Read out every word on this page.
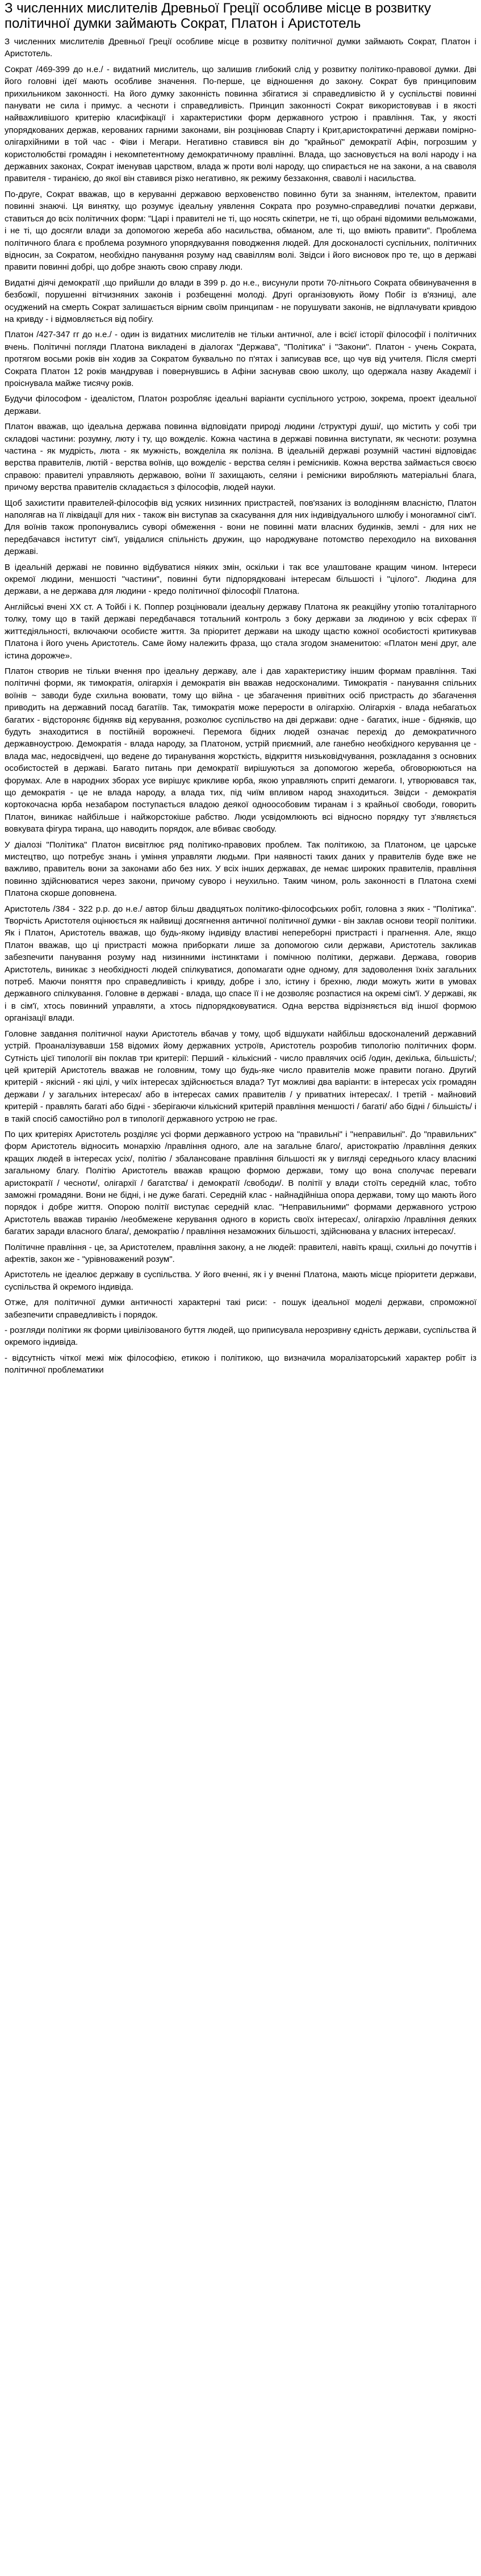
З численних мислителів Древньої Греції особливе місце в розвитку політичної думки займають Сократ, Платон і Аристотель

З численних мислителів Древньої Греції особливе місце в розвитку політичної думки займають Сократ, Платон і Аристотель.

Сократ /469-399 до н.е./ - видатний мислитель, що залишив глибокий слід у розвитку політико-правової думки. Дві його головні ідеї мають особливе значення. По-перше, це відношення до закону. Сократ був принциповим прихильником законності. На його думку законність повинна збігатися зі справедливістю й у суспільстві повинні панувати не сила і примус. а чесноти і справедливість. Принцип законності Сократ використовував і в якості найважливішого критерію класифікації і характеристики форм державного устрою і правління. Так, у якості упорядкованих держав, керованих гарними законами, він розцінював Спарту і Крит,аристократичні держави помірно-олігархійними в той час - Фіви і Мегари. Негативно ставився він до "крайньої" демократії Афін, погрозшим у користолюбстві громадян і некомпетентному демократичному правлінні. Влада, що засновується на волі народу і на державних законах, Сократ іменував царством, влада ж проти волі народу, що спирається не на закони, а на сваволя правителя - тиранією, до якої він ставився різко негативно, як режиму беззаконня, сваволі і насильства.

По-друге, Сократ вважав, що в керуванні державою верховенство повинно бути за знанням, інтелектом, правити повинні знаючі. Ця винятку, що розумує ідеальну уявлення Сократа про розумно-справедливі початки держави, ставиться до всіх політичних форм: "Царі і правителі не ті, що носять скіпетри, не ті, що обрані відомими вельможами, і не ті, що досягли влади за допомогою жереба або насильства, обманом, але ті, що вміють правити". Проблема політичного блага є проблема розумного упорядкування поводження людей. Для досконалості суспільних, політичних відносин, за Сократом, необхідно панування розуму над свавіллям волі. Звідси і його висновок про те, що в державі правити повинні добрі, що добре знають свою справу люди.

Видатні діячі демократії ,що прийшли до влади в 399 р. до н.е., висунули проти 70-літнього Сократа обвинувачення в безбожії, порушенні вітчизняних законів і розбещенні молоді. Другі організовують йому Побіг із в'язниці, але осуджений на смерть Сократ залишається вірним своїм принципам - не порушувати законів, не відплачувати кривдою на кривду - і відмовляється від побігу.

Платон /427-347 гг до н.е./ - один із видатних мислителів не тільки античної, але і всієї історії філософії і політичних вчень. Політичні погляди Платона викладені в діалогах "Держава", "Політика" і "Закони". Платон - учень Сократа, протягом восьми років він ходив за Сократом буквально по п'ятах і записував все, що чув від учителя. Після смерті Сократа Платон 12 років мандрував і повернувшись в Афіни заснував свою школу, що одержала назву Академії і проіснувала майже тисячу років.

Будучи філософом - ідеалістом, Платон розробляє ідеальні варіанти суспільного устрою, зокрема, проект ідеальної держави.

Платон вважав, що ідеальна держава повинна відповідати природі людини /структурі душі/, що містить у собі три складові частини: розумну, люту і ту, що вожделіє. Кожна частина в державі повинна виступати, як чесноти: розумна частина - як мудрість, люта - як мужність, вожделіла як полізна. В ідеальній державі розумній частині відповідає верства правителів, лютій - верства воїнів, що вожделіє - верства селян і ремісників. Кожна верства займається своєю справою: правителі управляють державою, воїни її захищають, селяни і ремісники виробляють матеріальні блага, причому верства правителів складається з філософів, людей науки.

Щоб захистити правителей-філософів від усяких низинних пристрастей, пов'язаних із володінням власністю, Платон наполягав на її ліквідації для них - також він виступав за скасування для них індивідуального шлюбу і моногамної сім'ї. Для воїнів також пропонувались суворі обмеження - вони не повинні мати власних будинків, землі - для них не передбачався інститут сім'ї, увідалися спільність дружин, що народжуване потомство переходило на виховання державі.

В ідеальній державі не повинно відбуватися ніяких змін, оскільки і так все улаштоване кращим чином. Інтереси окремої людини, меншості "частини", повинні бути підпорядковані інтересам більшості і "цілого". Людина для держави, а не держава для людини - кредо політичної філософії Платона.

Англійські вчені XX ст. А Тойбі і К. Поппер розцінювали ідеальну державу Платона як реакційну утопію тоталітарного толку, тому що в такій державі передбачався тотальний контроль з боку держави за людиною у всіх сферах її життєдіяльності, включаючи особисте життя. За пріоритет держави на шкоду щастю кожної особистості критикував Платона і його учень Аристотель. Саме йому належить фраза, що стала згодом знаменитою: «Платон мені друг, але істина дорожче».

Платон створив не тільки вчення про ідеальну державу, але і дав характеристику іншим формам правління. Такі політичні форми, як тимократія, олігархія і демократія він вважав недосконалими. Тимократія - панування спільних воїнів ~ заводи буде схильна воювати, тому що війна - це збагачення привітних осіб пристрасть до збагачення приводить на державний посад багатіїв. Так, тимократія може перерости в олігархію. Олігархія - влада небагатьох багатих - відстороняє біднякв від керування, розколює суспільство на дві держави: одне - багатих, інше - бідняків, що будуть знаходитися в постійній ворожнечі. Перемога бідних людей означає перехід до демократичного державноустрою. Демократія - влада народу, за Платоном, устрій приємний, але ганебно необхідного керування це - влада мас, недосвідчені, що ведене до тиранування жорсткість, відкриття низьковідчування, розкладання з основних особистостей в державі. Багато питань при демократії вирішуються за допомогою жереба, обговорюються на форумах. Але в народних зборах усе вирішує крикливе юрба, якою управляють сприті демагоги. І, утворювався так, що демократія - це не влада народу, а влада тих, під чиїм впливом народ знаходиться. Звідси - демократія кортокочасна юрба незабаром поступається владою деякої одноособовим тиранам і з крайньої свободи, говорить Платон, виникає найбільше і найжорстокіше рабство. Люди усвідомлюють всі відносно порядку тут з'являється вовкувата фігура тирана, що наводить порядок, але вбиває свободу.

У діалозі "Політика" Платон висвітлює ряд політико-правових проблем. Так політикою, за Платоном, це царське мистецтво, що потребує знань і уміння управляти людьми. При наявності таких даних у правителів буде вже не важливо, правитель вони за законами або без них. У всіх інших державах, де немає широких правителів, правління повинно здійснюватися через закони, причому суворо і неухильно. Таким чином, роль законності в Платона схемі Платона скорше доповнена.

Аристотель /384 - 322 р.р. до н.е./ автор більш двадцятьох політико-філософських робіт, головна з яких - "Політика". Творчість Аристотеля оцінюється як найвищі досягнення античної політичної думки - він заклав основи теорії політики. Як і Платон, Аристотель вважав, що будь-якому індивіду властиві непереборні пристрасті і прагнення. Але, якщо Платон вважав, що ці пристрасті можна приборкати лише за допомогою сили держави, Аристотель закликав забезпечити панування розуму над низинними інстинктами і помічною політики, держави. Держава, говорив Аристотель, виникає з необхідності людей спілкуватися, допомагати одне одному, для задоволення їхніх загальних потреб. Маючи поняття про справедливість і кривду, добре і зло, істину і брехню, люди можуть жити в умовах державного спілкування. Головне в державі - влада, що спасе її і не дозволяє розпастися на окремі сім'ї. У державі, як і в сім'ї, хтось повинний управляти, а хтось підпорядковуватися. Одна верства відрізняється від іншої формою організації влади.

Головне завдання політичної науки Аристотель вбачав у тому, щоб відшукати найбільш вдосконалений державний устрій. Проаналізувавши 158 відомих йому державних устроїв, Аристотель розробив типологію політичних форм. Сутність цієї типології він поклав три критерії: Перший - кількісний - число правлячих осіб /один, декілька, більшість/; цей критерій Аристотель вважав не головним, тому що будь-яке число правителів може правити погано. Другий критерій - якісний - які цілі, у чиїх інтересах здійснюється влада? Тут можливі два варіанти: в інтересах усіх громадян держави / у загальних інтересах/ або в інтересах самих правителів / у приватних інтересах/. І третій - майновий критерій - правлять багаті або бідні - зберігаючи кількісний критерій правління меншості / багаті/ або бідні / більшість/ і в такій спосіб самостійно рол в типології державного устрою не грає.

По цих критеріях Аристотель розділяє усі форми державного устрою на "правильні" і "неправильні". До "правильних" форм Аристотель відносить монархію /правління одного, але на загальне благо/, аристократію /правління деяких кращих людей в інтересах усіх/, політію / збалансоване правління більшості як у вигляді середнього класу власникі загальному благу. Політію Аристотель вважав кращою формою держави, тому що вона сполучає переваги аристократії / чесноти/, олігархії / багатства/ і демократії /свободи/. В політії у влади стоїть середній клас, тобто заможні громадяни. Вони не бідні, і не дуже багаті. Середній клас - найнадійніша опора держави, тому що мають його порядок і добре життя. Опорою політії виступає середній клас. "Неправильними" формами державного устрою Аристотель вважав тиранію /необмежене керування одного в користь своїх інтересах/, олігархію /правління деяких багатих заради власного блага/, демократію / правління незаможних більшості, здійснювана у власних інтересах/.

Політичне правління - це, за Аристотелем, правління закону, а не людей: правителі, навіть кращі, схильні до почуттів і афектів, закон же - "урівноважений розум".

Аристотель не ідеалює державу в суспільства. У його вченні, як і у вченні Платона, мають місце пріоритети держави, суспільства й окремого індивіда.

Отже, для політичної думки античності характерні такі риси: - пошук ідеальної моделі держави, спроможної забезпечити справедливість і порядок.

- розгляди політики як форми цивілізованого буття людей, що приписувала нерозривну єдність держави, суспільства й окремого індивіда.

- відсутність чіткої межі між філософією, етикою і політикою, що визначила моралізаторський характер робіт із політичної проблематики
